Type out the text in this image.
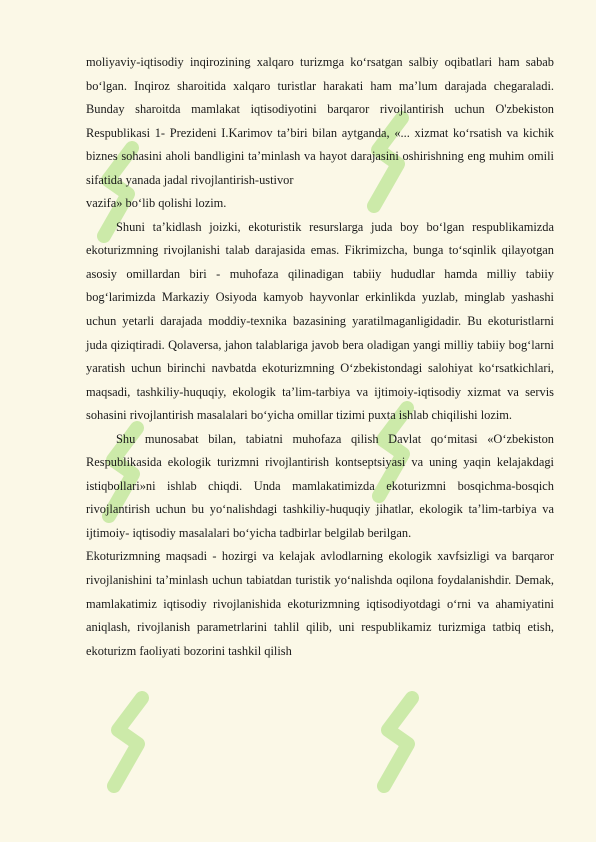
moliyaviy-iqtisodiy inqirozining xalqaro turizmga ko‘rsatgan salbiy oqibatlari ham sabab bo‘lgan. Inqiroz sharoitida xalqaro turistlar harakati ham ma’lum darajada chegaraladi. Bunday sharoitda mamlakat iqtisodiyotini barqaror rivojlantirish uchun O'zbekiston Respublikasi 1- Prezideni I.Karimov ta’biri bilan aytganda, «... xizmat ko‘rsatish va kichik biznes sohasini aholi bandligini ta’minlash va hayot darajasini oshirishning eng muhim omili sifatida yanada jadal rivojlantirish-ustivor

vazifa» bo‘lib qolishi lozim.

Shuni ta’kidlash joizki, ekoturistik resurslarga juda boy bo‘lgan respublikamizda ekoturizmning rivojlanishi talab darajasida emas. Fikrimizcha, bunga to‘sqinlik qilayotgan asosiy omillardan biri - muhofaza qilinadigan tabiiy hududlar hamda milliy tabiiy bog‘larimizda Markaziy Osiyoda kamyob hayvonlar erkinlikda yuzlab, minglab yashashi uchun yetarli darajada moddiy-texnika bazasining yaratilmaganligidadir. Bu ekoturistlarni juda qiziqtiradi. Qolaversa, jahon talablariga javob bera oladigan yangi milliy tabiiy bog‘larni yaratish uchun birinchi navbatda ekoturizmning O‘zbekistondagi salohiyat ko‘rsatkichlari, maqsadi, tashkiliy-huquqiy, ekologik ta’lim-tarbiya va ijtimoiy-iqtisodiy xizmat va servis sohasini rivojlantirish masalalari bo‘yicha omillar tizimi puxta ishlab chiqilishi lozim.

Shu munosabat bilan, tabiatni muhofaza qilish Davlat qo‘mitasi «O‘zbekiston Respublikasida ekologik turizmni rivojlantirish kontseptsiyasi va uning yaqin kelajakdagi istiqbollari»ni ishlab chiqdi. Unda mamlakatimizda ekoturizmni bosqichma-bosqich rivojlantirish uchun bu yo‘nalishdagi tashkiliy-huquqiy jihatlar, ekologik ta’lim-tarbiya va ijtimoiy- iqtisodiy masalalari bo‘yicha tadbirlar belgilab berilgan.

Ekoturizmning maqsadi - hozirgi va kelajak avlodlarning ekologik xavfsizligi va barqaror rivojlanishini ta’minlash uchun tabiatdan turistik yo‘nalishda oqilona foydalanishdir. Demak, mamlakatimiz iqtisodiy rivojlanishida ekoturizmning iqtisodiyotdagi o‘rni va ahamiyatini aniqlash, rivojlanish parametrlarini tahlil qilib, uni respublikamiz turizmiga tatbiq etish, ekoturizm faoliyati bozorini tashkil qilish
